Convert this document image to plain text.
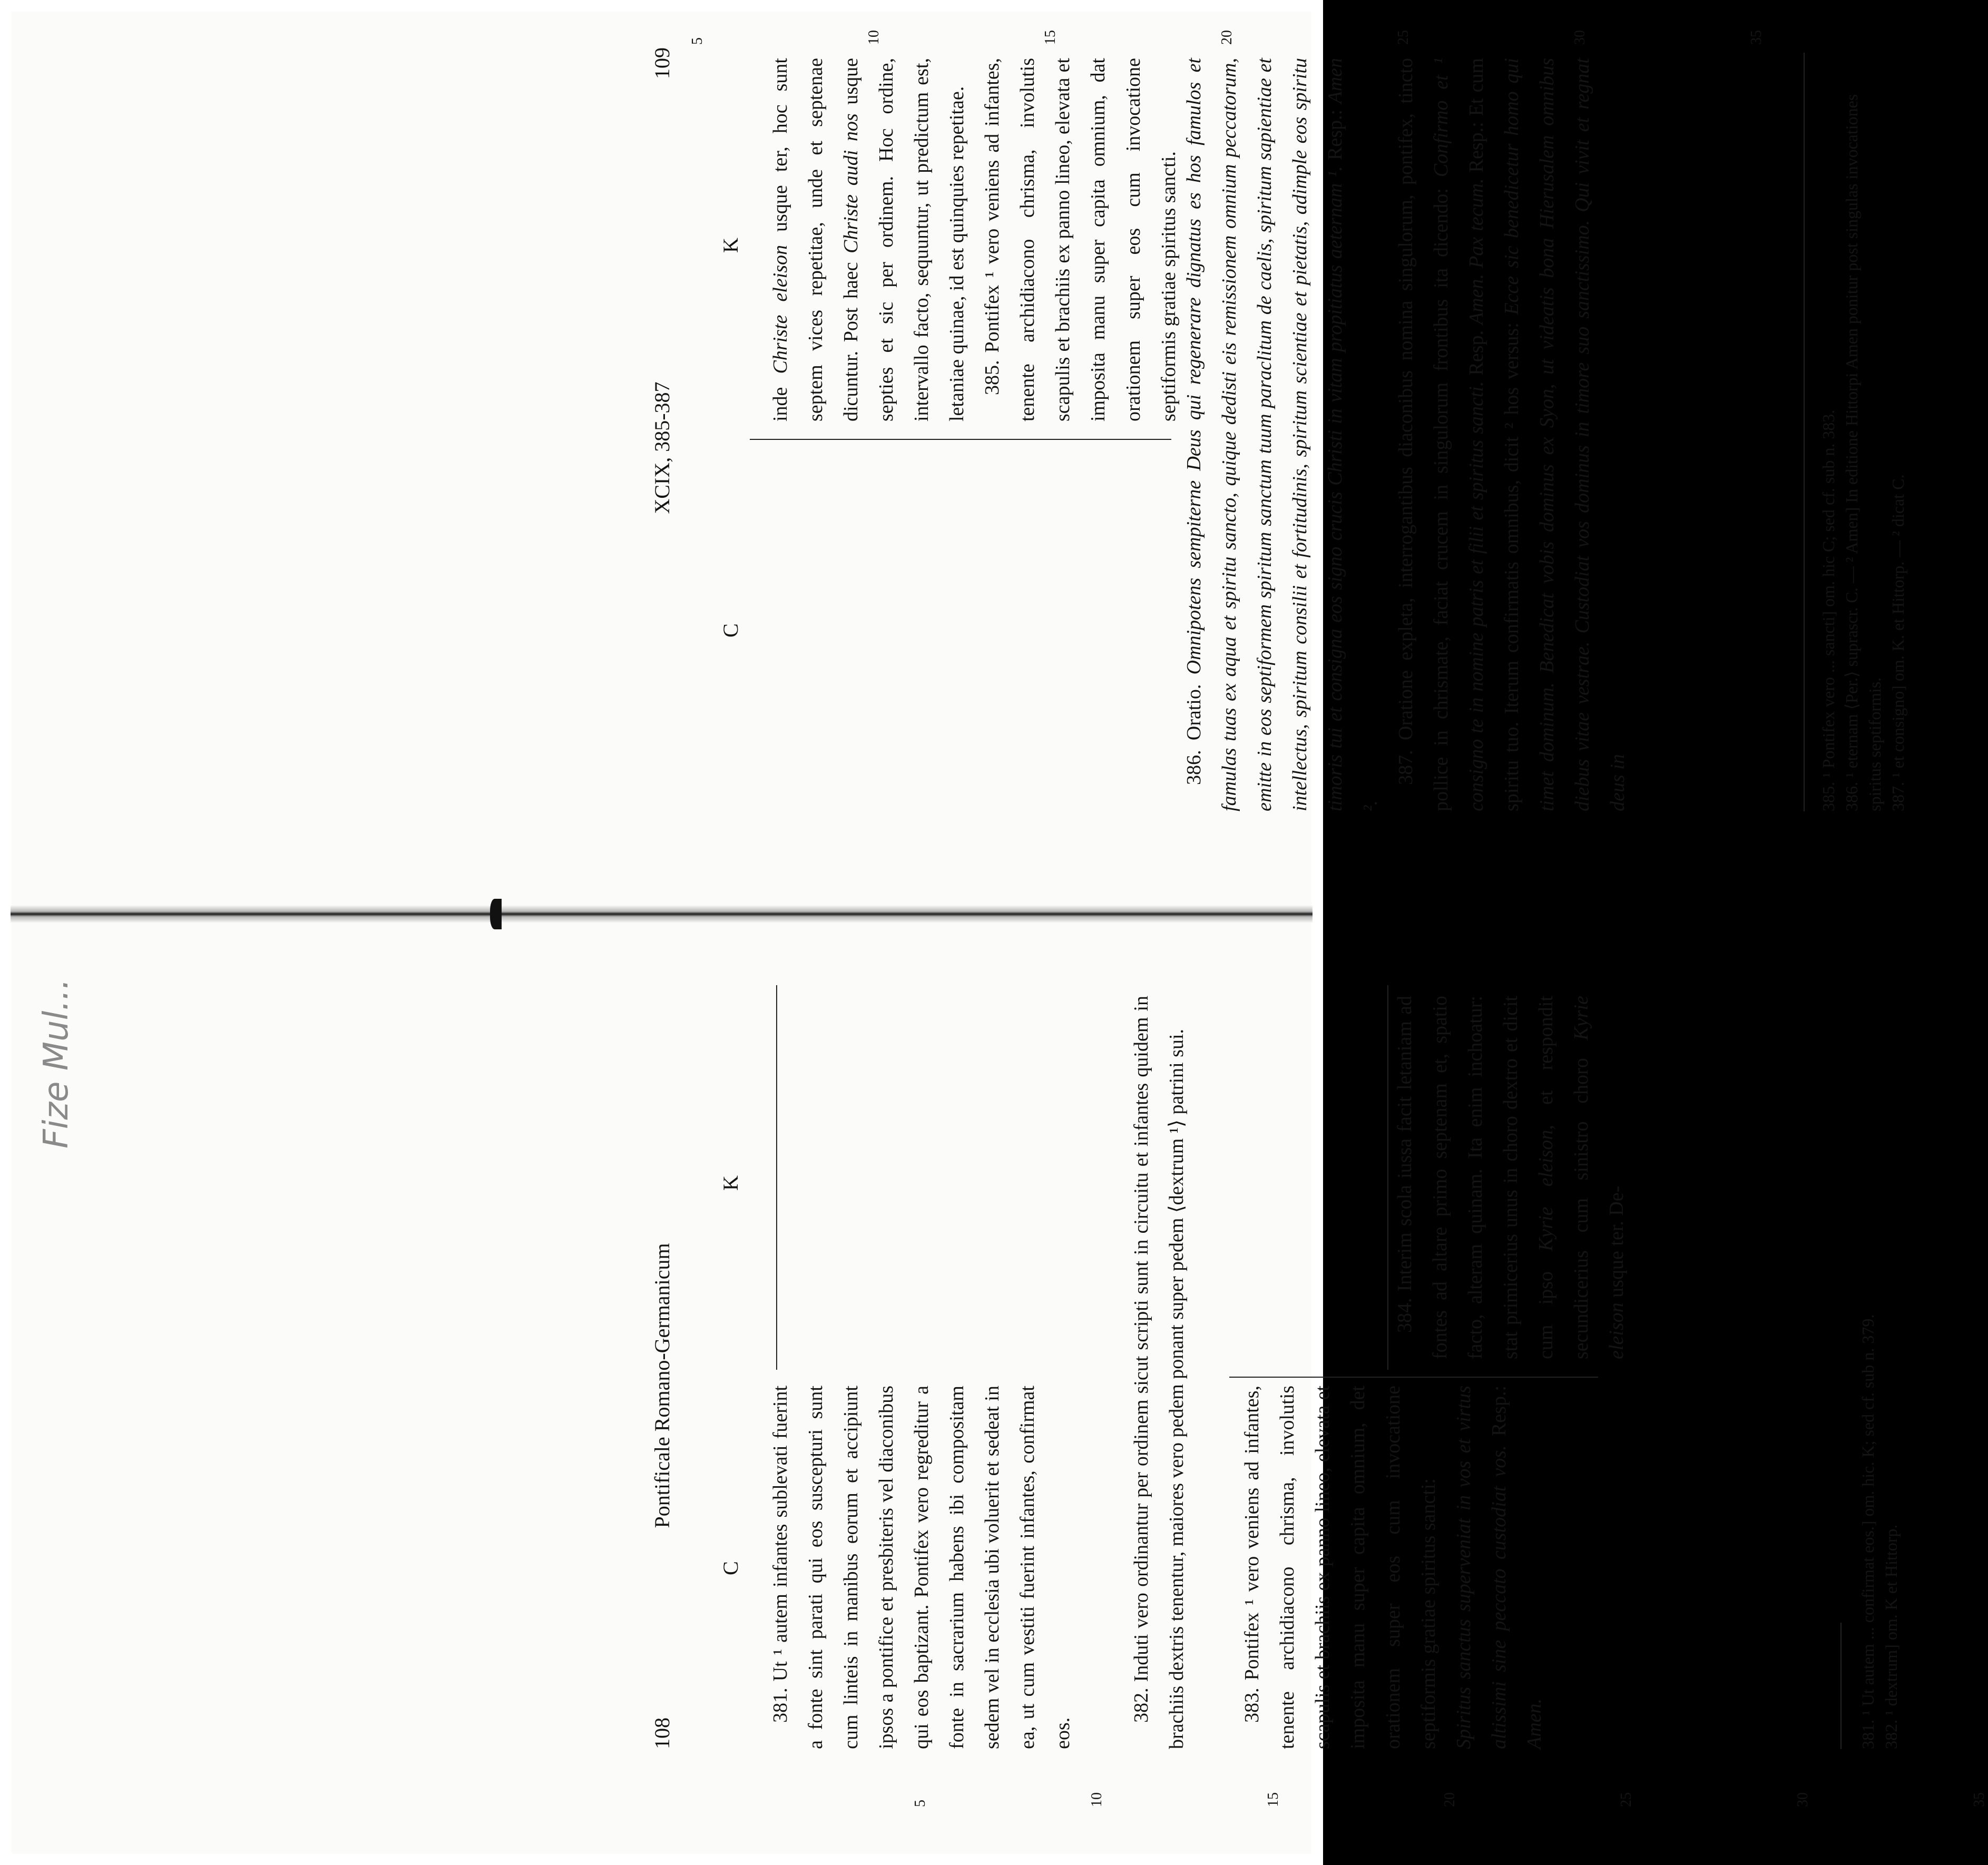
Fize Mul...
108
Pontificale Romano-Germanicum
C
K
5	10	15	20	25	30	35

381. Ut ¹ autem infantes sublevati fuerint a fonte sint parati qui eos suscepturi sunt cum linteis in manibus eorum et accipiunt ipsos a pontifice et presbiteris vel diaconibus qui eos baptizant. Pontifex vero regreditur a fonte in sacrarium habens ibi compositam sedem vel in ecclesia ubi voluerit et sedeat in ea, ut cum vestiti fuerint infantes, confirmat eos.

382. Induti vero ordinantur per ordinem sicut scripti sunt in circuitu et infantes quidem in brachiis dextris tenentur, maiores vero pedem ponant super pedem ⟨dextrum ¹⟩ patrini sui.	383. Pontifex ¹ vero veniens ad infantes, tenente archidiacono chrisma, involutis scapulis et brachiis ex panno lineo, elevata et imposita manu super capita omnium, det orationem super eos cum invocatione septiformis gratiae spiritus sancti: Spiritus sanctus superveniat in vos et virtus altissimi sine peccato custodiat vos. Resp.: Amen.

384. Interim scola iussa facit letaniam ad fontes ad altare primo septenam et, spatio facto, alteram quinam. Ita enim inchoatur: stat primicerius unus in choro dextro et dicit cum ipso Kyrie eleison, et respondit secundicerius cum sinistro choro Kyrie eleison usque ter. De-

381. ¹ Ut autem ... confirmat eos.] om. hic. K; sed cf. sub n. 379. 382. ¹ dextrum] om. K et Hittorp.

XCIX, 385-387
109
C
K

inde Christe eleison usque ter, hoc sunt septem vices repetitae, unde et septenae dicuntur. Post haec Christe audi nos usque septies et sic per ordinem. Hoc ordine, intervallo facto, sequuntur, ut predictum est, letaniae quinae, id est quinquies repetitae. 385. Pontifex ¹ vero veniens ad infantes, tenente archidiacono chrisma, involutis scapulis et brachiis ex panno lineo, elevata et imposita manu super capita omnium, dat orationem super eos cum invocatione septiformis gratiae spiritus sancti.

5	10	15	20	25	30	35

386. Oratio. Omnipotens sempiterne Deus qui regenerare dignatus es hos famulos et famulas tuas ex aqua et spiritu sancto, quique dedisti eis remissionem omnium peccatorum, emitte in eos septiformem spiritum sanctum tuum paraclitum de caelis, spiritum sapientiae et intellectus, spiritum consilii et fortitudinis, spiritum scientiae et pietatis, adimple eos spiritu timoris tui et consigna eos signo crucis Christi in vitam propitiatus aeternam ¹. Resp.: Amen ².

387. Oratione expleta, interrogantibus diaconibus nomina singulorum, pontifex, tincto pollice in chrismate, faciat crucem in singulorum frontibus ita dicendo: Confirmo et ¹ consigno te in nomine patris et filii et spiritus sancti. Resp. Amen. Pax tecum. Resp.: Et cum spiritu tuo. Iterum confirmatis omnibus, dicit ² hos versus: Ecce sic benedicetur homo qui timet dominum. Benedicat vobis dominus ex Syon, ut videatis bona Hierusalem omnibus diebus vitae vestrae. Custodiat vos dominus in timore suo sanctissimo. Qui vivit et regnat deus in	385. ¹ Pontifex vero ... sancti] om. hic C; sed cf. sub n. 383. 386. ¹ eternam ⟨Per.⟩ suprascr. C. — ² Amen] In editione Hittorpi Amen ponitur post singulas invocationes spiritus septiformis. 387. ¹ et consigno] om. K. et Hittorp. — ² dicat C.
